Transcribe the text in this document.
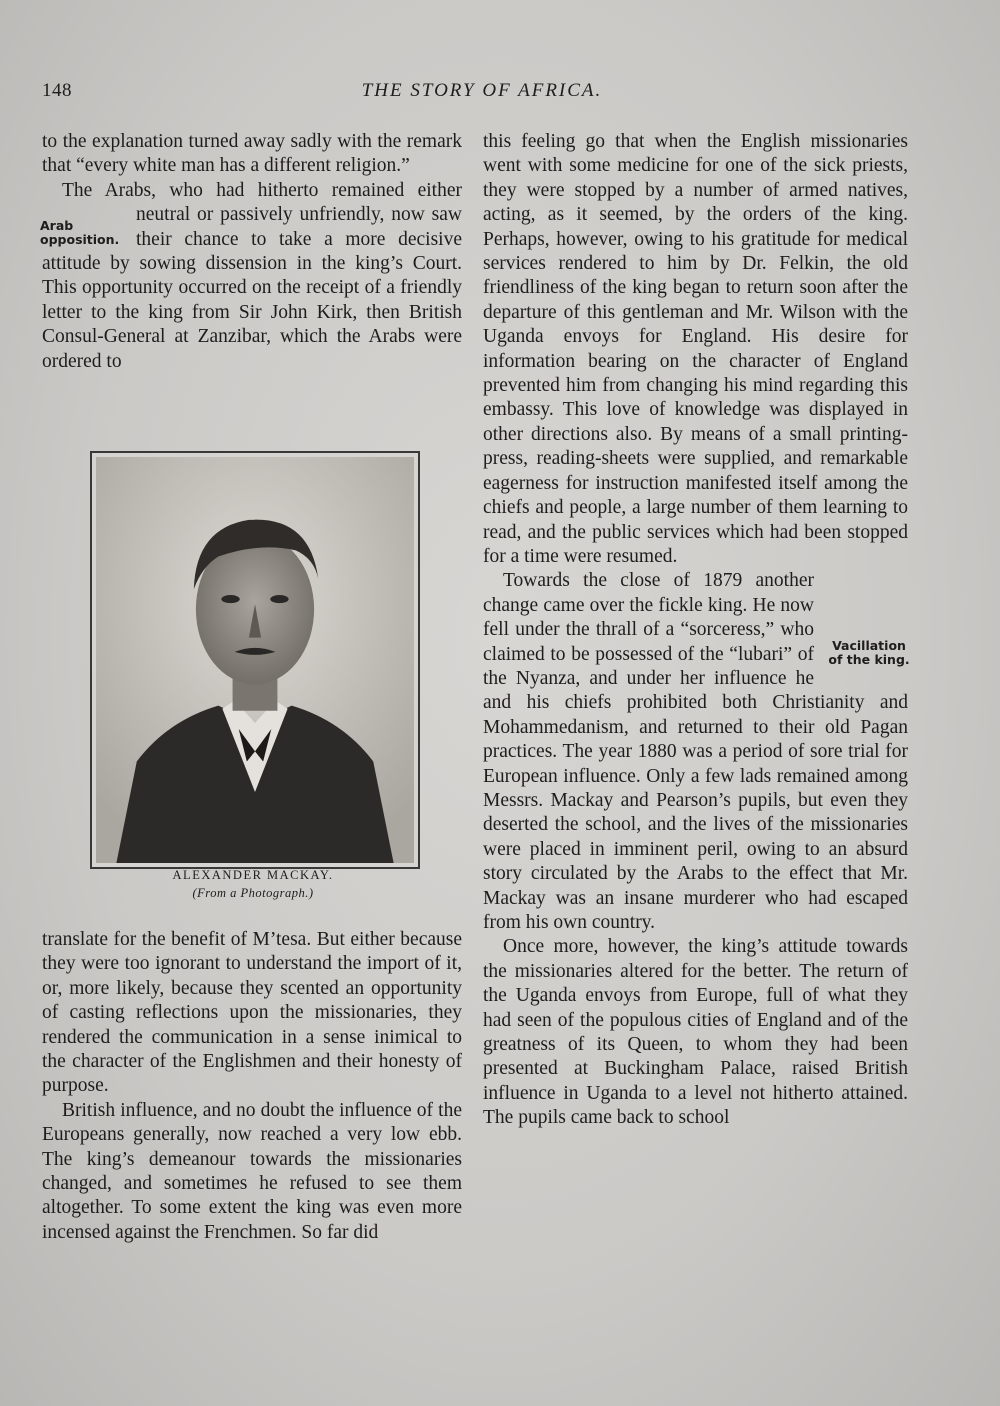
148	THE STORY OF AFRICA.

to the explanation turned away sadly with the remark that “every white man has a different religion.”

The Arabs, who had hitherto remained either neutral or passively unfriendly, now
Arab opposition.
saw their chance to take a more decisive attitude by sowing dissension in the king’s Court. This opportunity occurred on the receipt of a friendly letter to the king from Sir John Kirk, then British Consul-General at Zanzibar, which the Arabs were ordered to

ALEXANDER MACKAY.
(From a Photograph.)

translate for the benefit of M’tesa. But either because they were too ignorant to understand the import of it, or, more likely, because they scented an opportunity of casting reflections upon the missionaries, they rendered the communication in a sense inimical to the character of the Englishmen and their honesty of purpose.

British influence, and no doubt the influence of the Europeans generally, now reached a very low ebb. The king’s demeanour towards the missionaries changed, and sometimes he refused to see them altogether. To some extent the king was even more incensed against the Frenchmen. So far did

this feeling go that when the English missionaries went with some medicine for one of the sick priests, they were stopped by a number of armed natives, acting, as it seemed, by the orders of the king. Perhaps, however, owing to his gratitude for medical services rendered to him by Dr. Felkin, the old friendliness of the king began to return soon after the departure of this gentleman and Mr. Wilson with the Uganda envoys for England. His desire for information bearing on the character of England prevented him from changing his mind regarding this embassy. This love of knowledge was displayed in other directions also. By means of a small printing-press, reading-sheets were supplied, and remarkable eagerness for instruction manifested itself among the chiefs and people, a large number of them learning to read, and the public services which had been stopped for a time were resumed.

Vacillation of the king.
Towards the close of 1879 another change came over the fickle king. He now fell under the thrall of a “sorceress,” who claimed to be possessed of the “lubari” of the Nyanza, and under her influence he and his chiefs prohibited both Christianity and Mohammedanism, and returned to their old Pagan practices. The year 1880 was a period of sore trial for European influence. Only a few lads remained among Messrs. Mackay and Pearson’s pupils, but even they deserted the school, and the lives of the missionaries were placed in imminent peril, owing to an absurd story circulated by the Arabs to the effect that Mr. Mackay was an insane murderer who had escaped from his own country.

Once more, however, the king’s attitude towards the missionaries altered for the better. The return of the Uganda envoys from Europe, full of what they had seen of the populous cities of England and of the greatness of its Queen, to whom they had been presented at Buckingham Palace, raised British influence in Uganda to a level not hitherto attained. The pupils came back to school
